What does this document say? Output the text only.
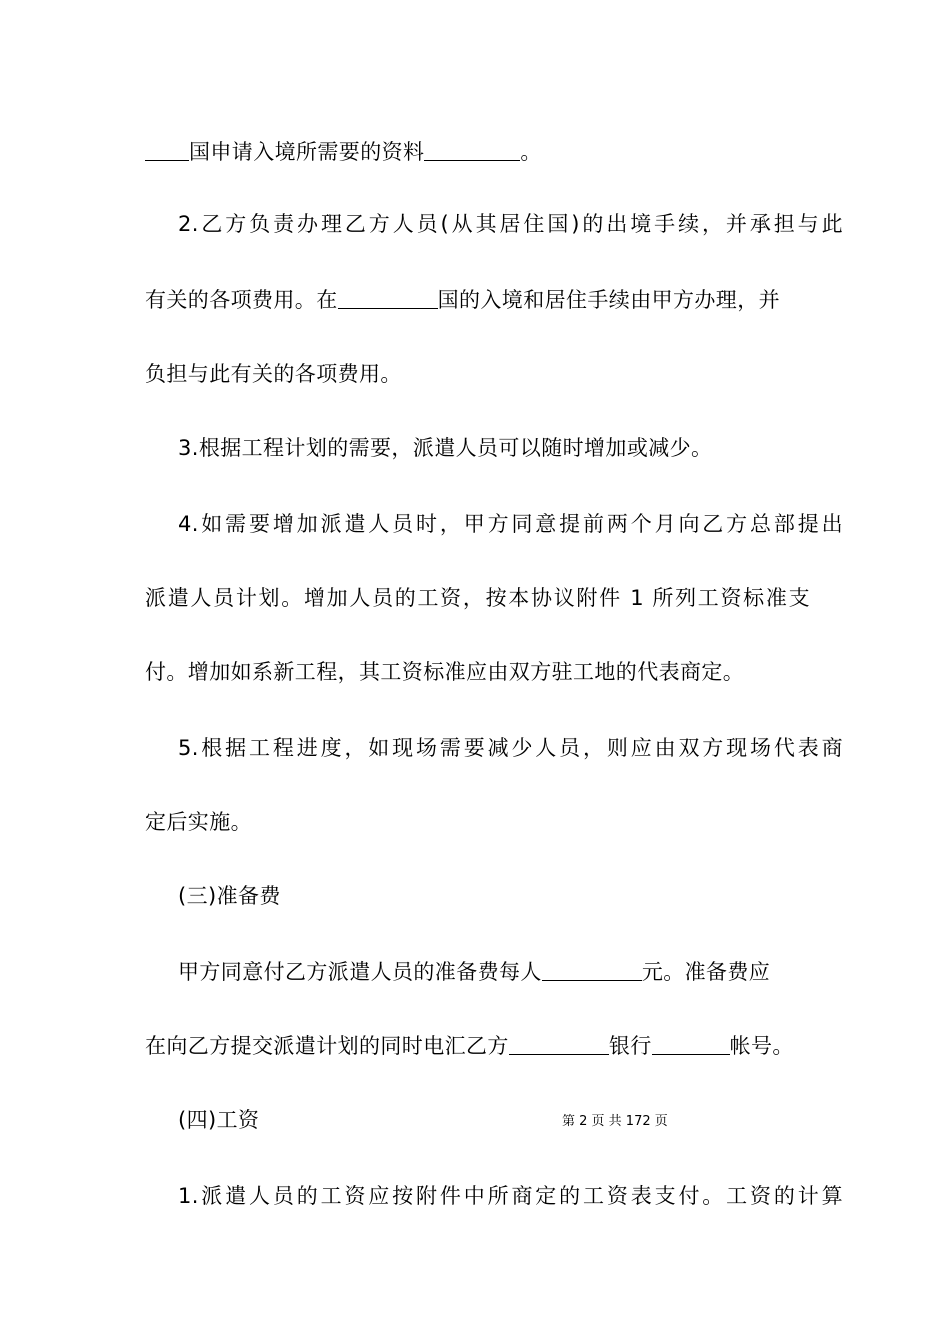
国申请入境所需要的资料	。
2.乙方负责办理乙方人员(从其居住国)的出境手续，并承担与此
有关的各项费用。在	国的入境和居住手续由甲方办理，并
负担与此有关的各项费用。
3.根据工程计划的需要，派遣人员可以随时增加或减少。
4.如需要增加派遣人员时，甲方同意提前两个月向乙方总部提出
派遣人员计划。增加人员的工资，按本协议附件 1 所列工资标准支
付。增加如系新工程，其工资标准应由双方驻工地的代表商定。
5.根据工程进度，如现场需要减少人员，则应由双方现场代表商
定后实施。
(三)准备费
甲方同意付乙方派遣人员的准备费每人	元。准备费应
在向乙方提交派遣计划的同时电汇乙方	银行	帐号。
(四)工资	第 2 页 共 172 页
1.派遣人员的工资应按附件中所商定的工资表支付。工资的计算
